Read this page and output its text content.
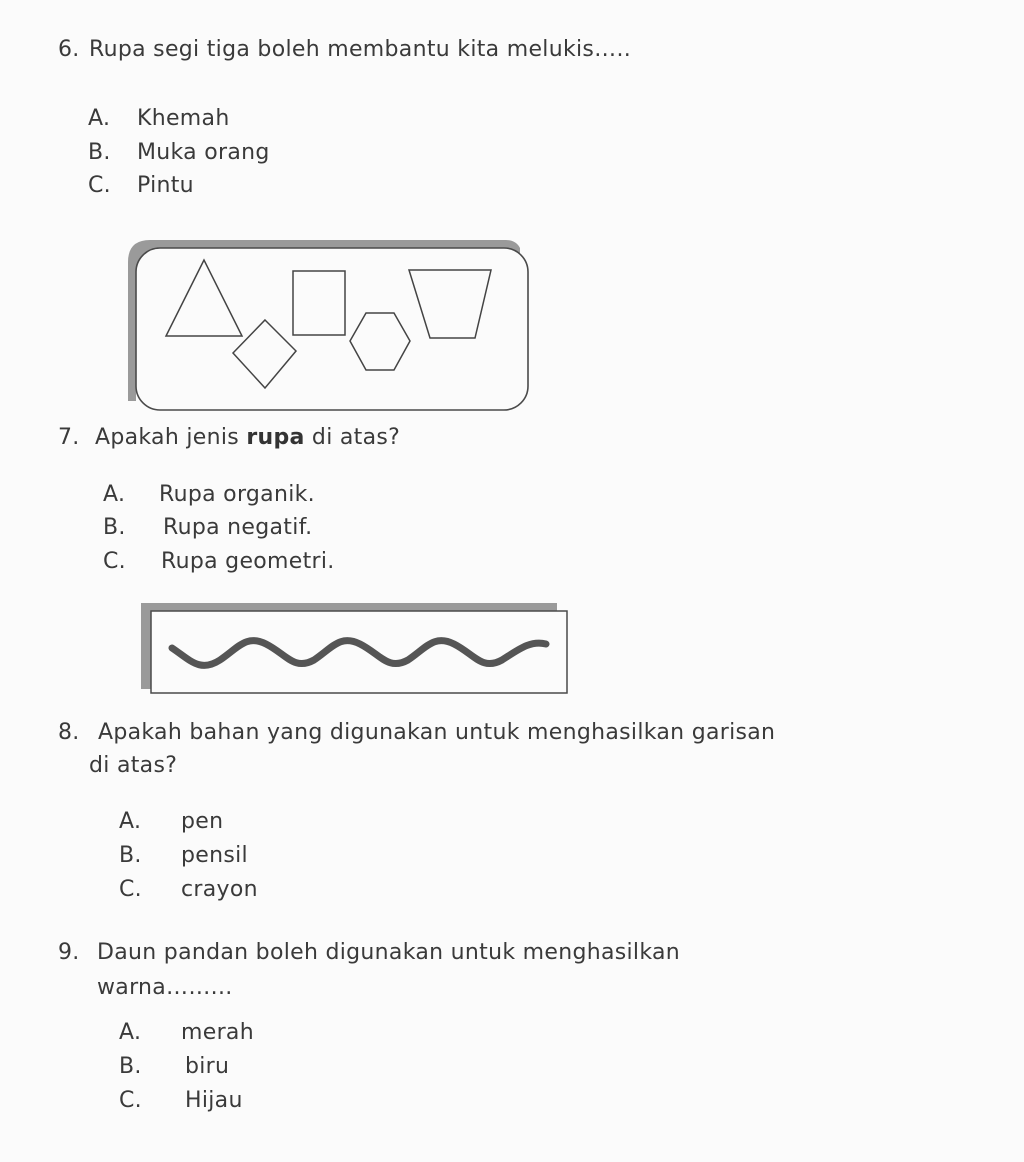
6. Rupa segi tiga boleh membantu kita melukis…..
A. Khemah
B. Muka orang
C. Pintu
7. Apakah jenis rupa di atas?
A. Rupa organik.
B. Rupa negatif.
C. Rupa geometri.
8. Apakah bahan yang digunakan untuk menghasilkan garisan
di atas?
A. pen
B. pensil
C. crayon
9. Daun pandan boleh digunakan untuk menghasilkan
warna……...
A. merah
B. biru
C. Hijau
